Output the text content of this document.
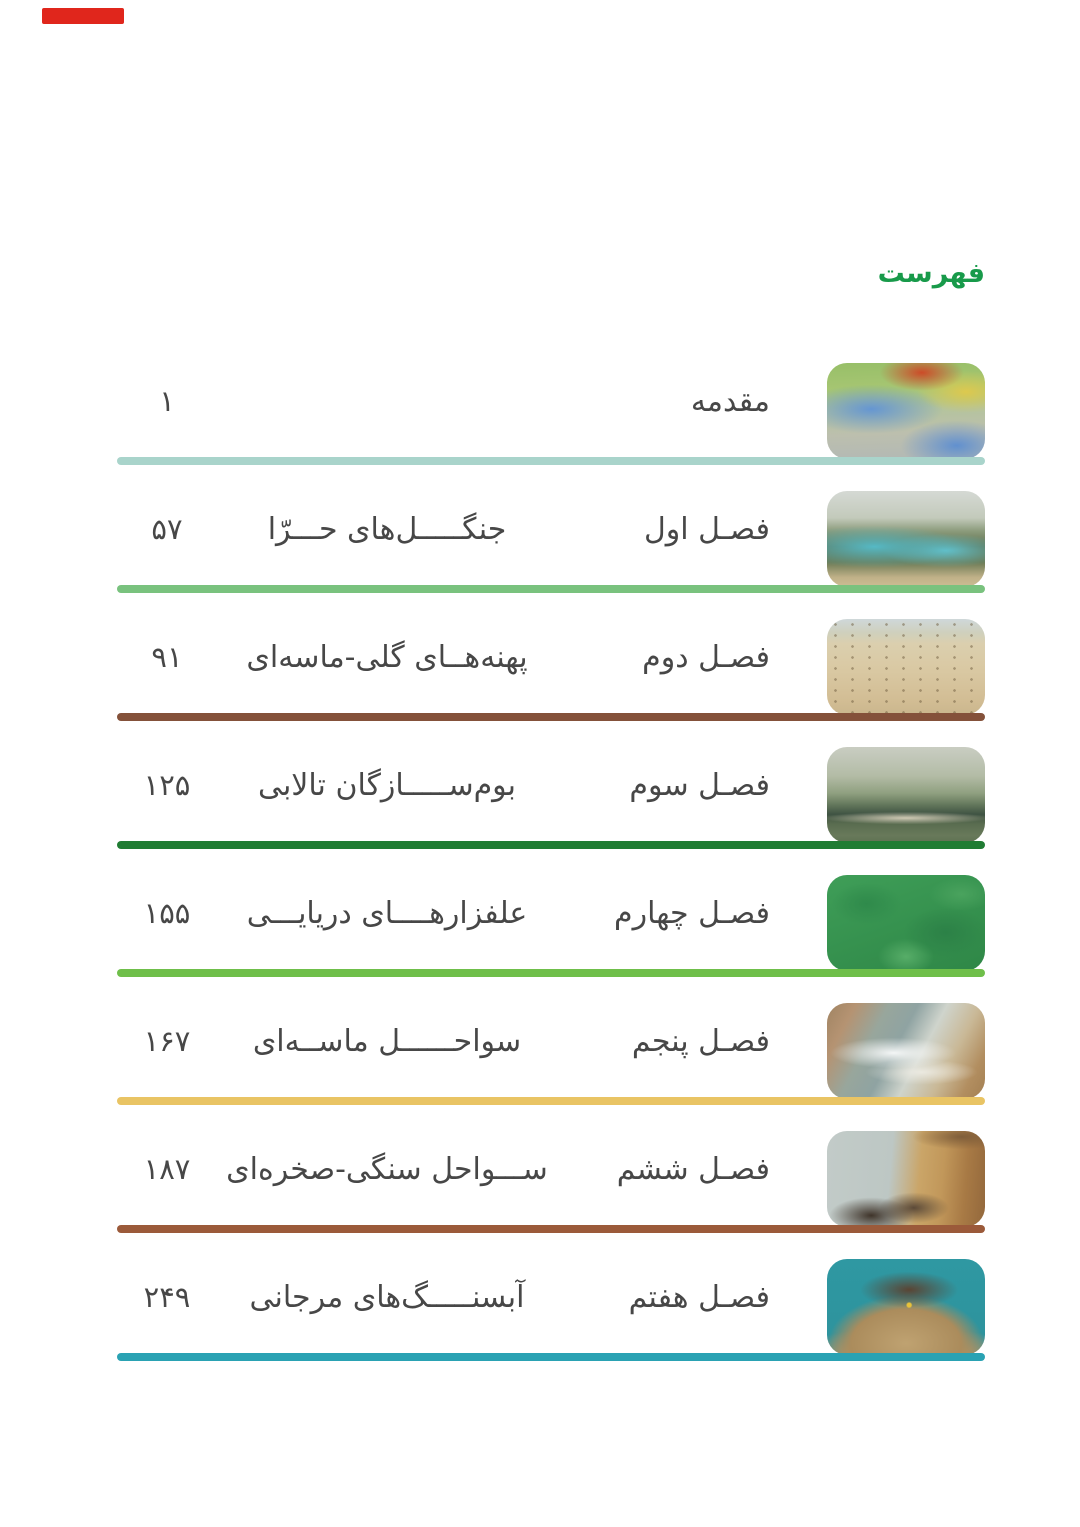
فهرست
۱	مقدمه
۵۷	جنگـــــل‌های حـــرّا	فصـل اول
۹۱	پهنه‌هــای گلی-ماسه‌ای	فصـل دوم
۱۲۵	بوم‌ســـــازگان تالابی	فصـل سوم
۱۵۵	علفزارهــــای دریایـــی	فصـل چهارم
۱۶۷	سواحــــــل ماســه‌ای	فصـل پنجم
۱۸۷	ســـواحل سنگی-صخره‌ای	فصـل ششم
۲۴۹	آبسنـــــگ‌های مرجانی	فصـل هفتم
